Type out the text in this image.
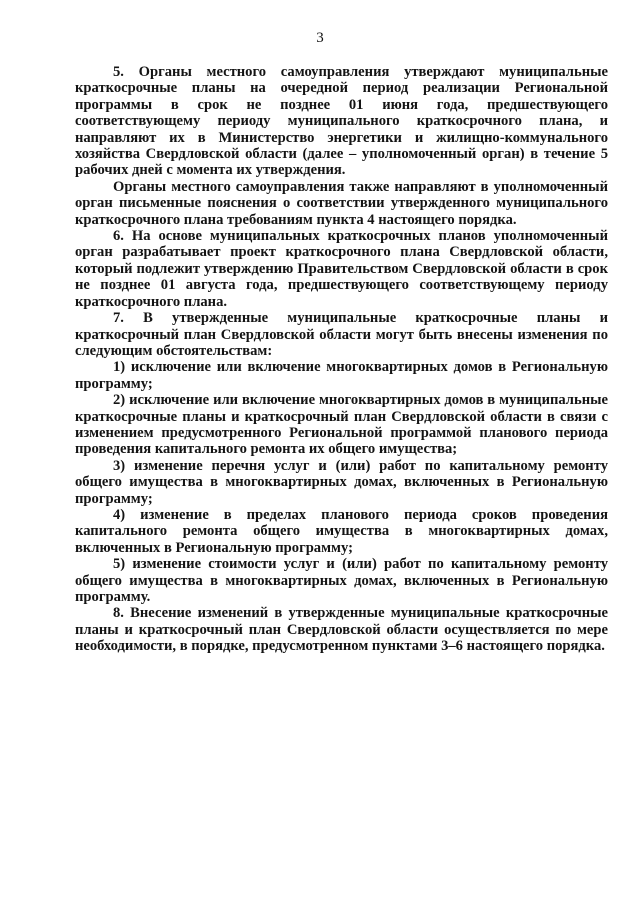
3

5. Органы местного самоуправления утверждают муниципальные краткосрочные планы на очередной период реализации Региональной программы в срок не позднее 01 июня года, предшествующего соответствующему периоду муниципального краткосрочного плана, и направляют их в Министерство энергетики и жилищно-коммунального хозяйства Свердловской области (далее – уполномоченный орган) в течение 5 рабочих дней с момента их утверждения.

Органы местного самоуправления также направляют в уполномоченный орган письменные пояснения о соответствии утвержденного муниципального краткосрочного плана требованиям пункта 4 настоящего порядка.

6. На основе муниципальных краткосрочных планов уполномоченный орган разрабатывает проект краткосрочного плана Свердловской области, который подлежит утверждению Правительством Свердловской области в срок не позднее 01 августа года, предшествующего соответствующему периоду краткосрочного плана.

7. В утвержденные муниципальные краткосрочные планы и краткосрочный план Свердловской области могут быть внесены изменения по следующим обстоятельствам:

1) исключение или включение многоквартирных домов в Региональную программу;

2) исключение или включение многоквартирных домов в муниципальные краткосрочные планы и краткосрочный план Свердловской области в связи с изменением предусмотренного Региональной программой планового периода проведения капитального ремонта их общего имущества;

3) изменение перечня услуг и (или) работ по капитальному ремонту общего имущества в многоквартирных домах, включенных в Региональную программу;

4) изменение в пределах планового периода сроков проведения капитального ремонта общего имущества в многоквартирных домах, включенных в Региональную программу;

5) изменение стоимости услуг и (или) работ по капитальному ремонту общего имущества в многоквартирных домах, включенных в Региональную программу.

8. Внесение изменений в утвержденные муниципальные краткосрочные планы и краткосрочный план Свердловской области осуществляется по мере необходимости, в порядке, предусмотренном пунктами 3–6 настоящего порядка.
